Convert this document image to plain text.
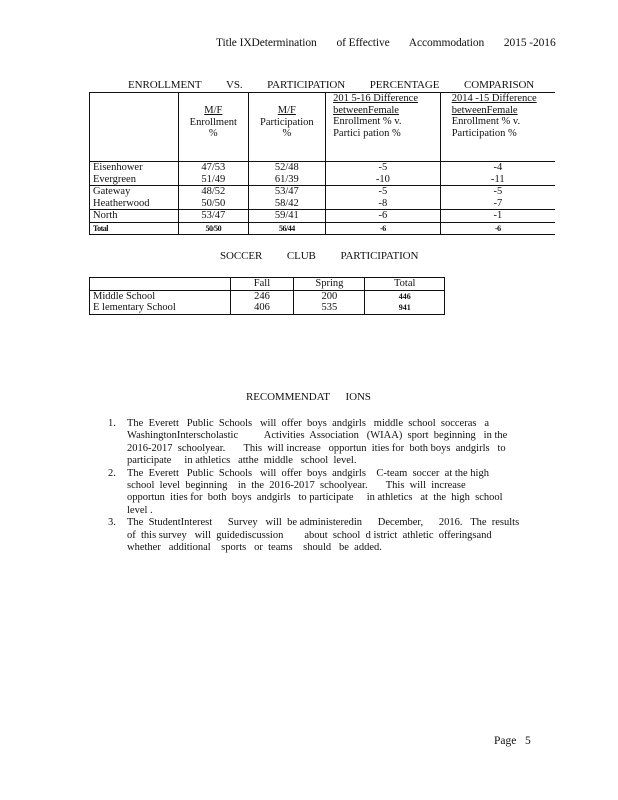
Title IXDetermination of Effective Accommodation 2015 -2016
ENROLLMENT VS. PARTICIPATION PERCENTAGE COMPARISON

	M/F
Enrollment
%	M/F
Participation
%	201 5-16 Difference
betweenFemale
Enrollment % v.
Partici pation %	2014 -15 Difference
betweenFemale
Enrollment % v.
Participation %

Eisenhower	47/53	52/48	-5	-4
Evergreen	51/49	61/39	-10	-11
Gateway	48/52	53/47	-5	-5
Heatherwood	50/50	58/42	-8	-7
North	53/47	59/41	-6	-1
Total	50/50	56/44	-6	-6
SOCCER CLUB PARTICIPATION
	Fall	Spring	Total
Middle School	246	200	446
E lementary School	406	535	941
RECOMMENDAT      IONS
1. The  Everett   Public  Schools   will  offer  boys  andgirls   middle  school  socceras   a
WashingtonInterscholastic          Activities  Association   (WIAA)  sport  beginning   in the
2016-2017  schoolyear.       This  will increase   opportun  ities for  both boys  andgirls   to
participate     in athletics   atthe  middle   school  level.
2. The  Everett   Public  Schools   will  offer  boys  andgirls    C-team  soccer  at the high
school  level  beginning    in  the  2016-2017  schoolyear.       This  will  increase
opportun  ities for  both  boys  andgirls   to participate     in athletics   at  the  high  school
level .
3. The  StudentInterest      Survey   will  be administeredin      December,      2016.   The  results
of  this survey   will  guidediscussion        about  school  d istrict  athletic  offeringsand
whether   additional    sports   or  teams    should   be  added.
Page   5
